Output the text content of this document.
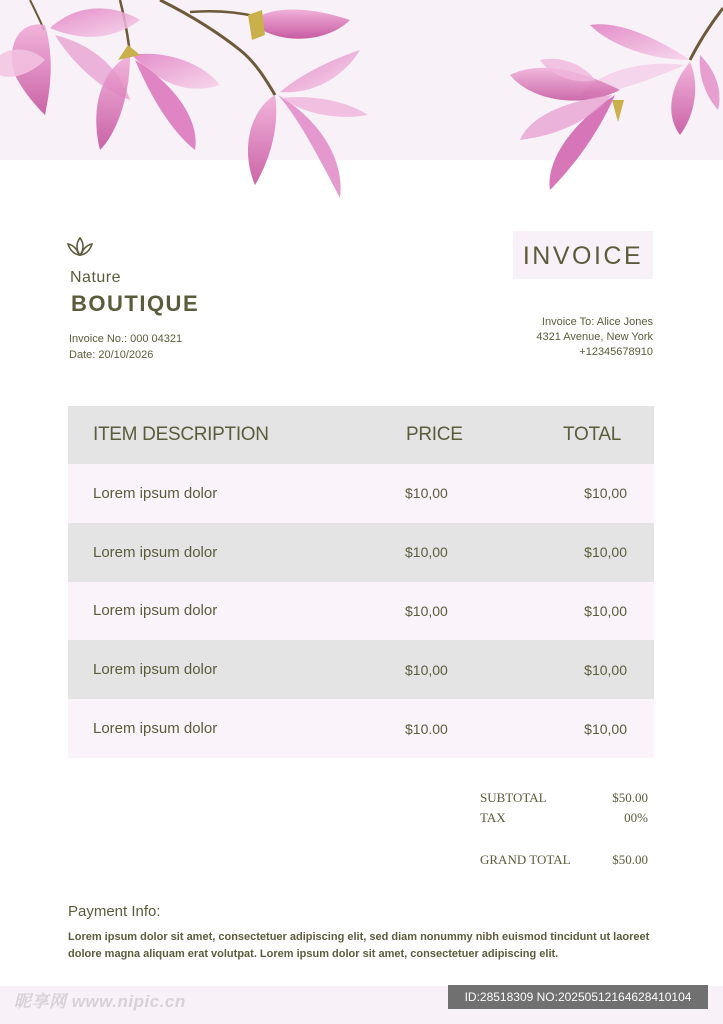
Nature
BOUTIQUE
Invoice No.: 000 04321
Date: 20/10/2026
INVOICE
Invoice To: Alice Jones
4321 Avenue, New York
+12345678910
ITEM DESCRIPTION	PRICE	TOTAL
Lorem ipsum dolor	$10,00	$10,00
Lorem ipsum dolor	$10,00	$10,00
Lorem ipsum dolor	$10,00	$10,00
Lorem ipsum dolor	$10,00	$10,00
Lorem ipsum dolor	$10.00	$10,00
SUBTOTAL	$50.00
TAX	00%
GRAND TOTAL	$50.00
Payment Info:
Lorem ipsum dolor sit amet, consectetuer adipiscing elit, sed diam nonummy nibh euismod tincidunt ut laoreet dolore magna aliquam erat volutpat. Lorem ipsum dolor sit amet, consectetuer adipiscing elit.
昵享网 www.nipic.cn	ID:28518309 NO:20250512164628410104
